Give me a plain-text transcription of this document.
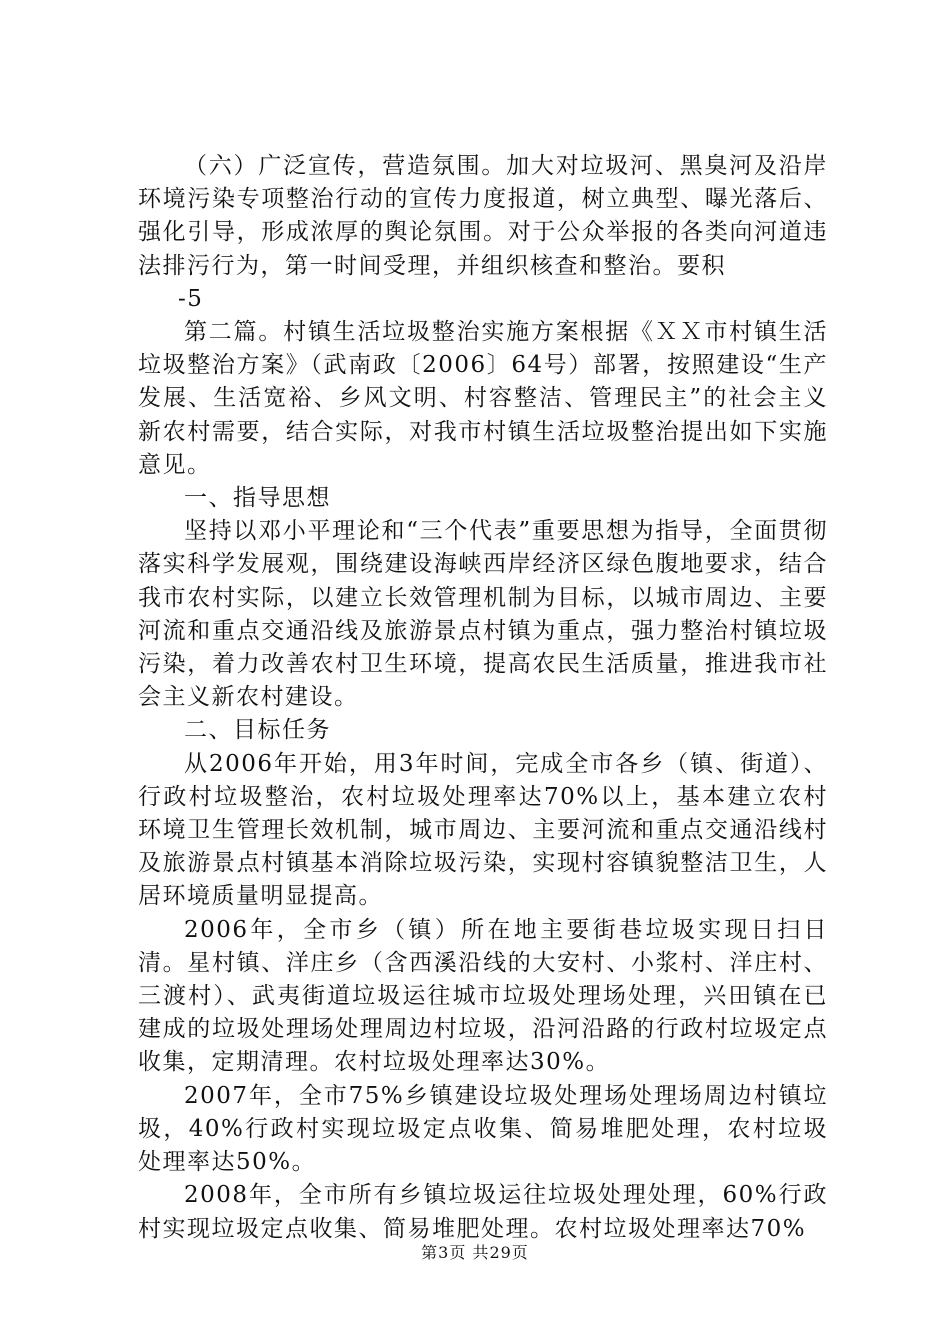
（六）广泛宣传，营造氛围。加大对垃圾河、黑臭河及沿岸环境污染专项整治行动的宣传力度报道，树立典型、曝光落后、强化引导，形成浓厚的舆论氛围。对于公众举报的各类向河道违法排污行为，第一时间受理，并组织核查和整治。要积

-5

第二篇。村镇生活垃圾整治实施方案根据《ＸＸ市村镇生活垃圾整治方案》（武南政〔2006〕64号）部署，按照建设“生产发展、生活宽裕、乡风文明、村容整洁、管理民主”的社会主义新农村需要，结合实际，对我市村镇生活垃圾整治提出如下实施意见。

一、指导思想

坚持以邓小平理论和“三个代表”重要思想为指导，全面贯彻落实科学发展观，围绕建设海峡西岸经济区绿色腹地要求，结合我市农村实际，以建立长效管理机制为目标，以城市周边、主要河流和重点交通沿线及旅游景点村镇为重点，强力整治村镇垃圾污染，着力改善农村卫生环境，提高农民生活质量，推进我市社会主义新农村建设。

二、目标任务

从2006年开始，用3年时间，完成全市各乡（镇、街道）、行政村垃圾整治，农村垃圾处理率达70%以上，基本建立农村环境卫生管理长效机制，城市周边、主要河流和重点交通沿线村及旅游景点村镇基本消除垃圾污染，实现村容镇貌整洁卫生，人居环境质量明显提高。

2006年，全市乡（镇）所在地主要街巷垃圾实现日扫日清。星村镇、洋庄乡（含西溪沿线的大安村、小浆村、洋庄村、三渡村）、武夷街道垃圾运往城市垃圾处理场处理，兴田镇在已建成的垃圾处理场处理周边村垃圾，沿河沿路的行政村垃圾定点收集，定期清理。农村垃圾处理率达30%。

2007年，全市75%乡镇建设垃圾处理场处理场周边村镇垃圾，40%行政村实现垃圾定点收集、简易堆肥处理，农村垃圾处理率达50%。

2008年，全市所有乡镇垃圾运往垃圾处理处理，60%行政村实现垃圾定点收集、简易堆肥处理。农村垃圾处理率达70%

第3页 共29页
